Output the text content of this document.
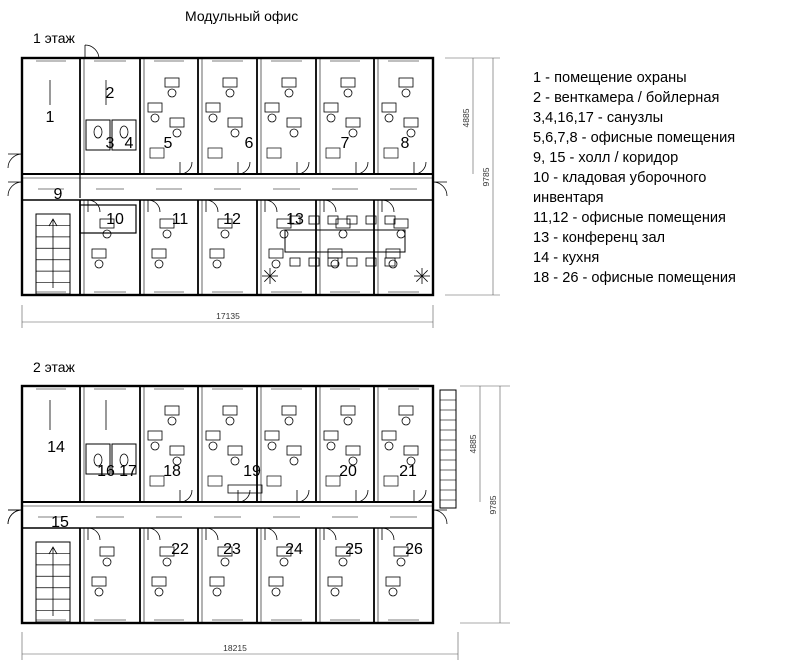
1
2
3 4 5	6	7	8
9
10	11 12	13
17135
4885
9785
14
16 17 18	19	20	21
15
22 23	24	25	26
18215
4885
9785
Модульный офис
1 этаж
2 этаж
1 - помещение охраны
2 - венткамера / бойлерная
3,4,16,17 - санузлы
5,6,7,8 - офисные помещения
9, 15 - холл / коридор
10 - кладовая уборочного
инвентаря
11,12 - офисные помещения
13 - конференц зал
14 - кухня
18 - 26 - офисные помещения
